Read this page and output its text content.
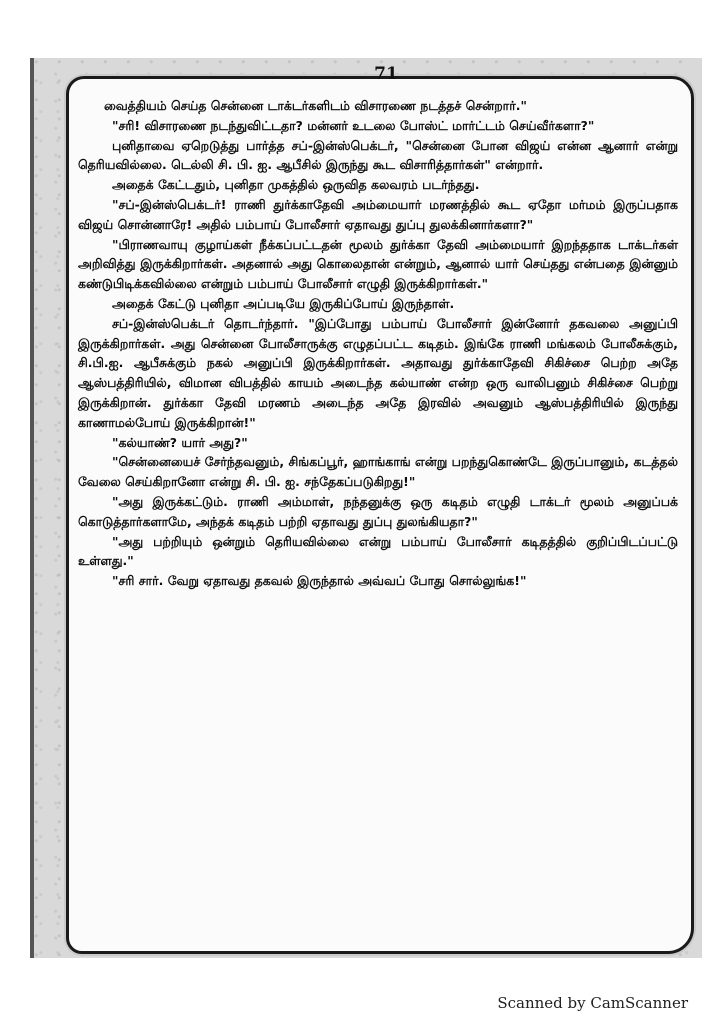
71

வைத்தியம் செய்த சென்னை டாக்டர்களிடம் விசாரணை நடத்தச் சென்றார்."

"சரி! விசாரணை நடந்துவிட்டதா? மன்னர் உடலை போஸ்ட் மார்ட்டம் செய்வீர்களா?"

புனிதாவை ஏறெடுத்து பார்த்த சப்-இன்ஸ்பெக்டர், "சென்னை போன விஜய் என்ன ஆனார் என்று தெரியவில்லை. டெல்லி சி. பி. ஐ. ஆபீசில் இருந்து கூட விசாரித்தார்கள்" என்றார்.

அதைக் கேட்டதும், புனிதா முகத்தில் ஒருவித கலவரம் படர்ந்தது.

"சப்-இன்ஸ்பெக்டர்! ராணி துர்க்காதேவி அம்மையார் மரணத்தில் கூட ஏதோ மர்மம் இருப்பதாக விஜய் சொன்னாரே! அதில் பம்பாய் போலீசார் ஏதாவது துப்பு துலக்கினார்களா?"

"பிராணவாயு குழாய்கள் நீக்கப்பட்டதன் மூலம் துர்க்கா தேவி அம்மையார் இறந்ததாக டாக்டர்கள் அறிவித்து இருக்கிறார்கள். அதனால் அது கொலைதான் என்றும், ஆனால் யார் செய்தது என்பதை இன்னும் கண்டுபிடிக்கவில்லை என்றும் பம்பாய் போலீசார் எழுதி இருக்கிறார்கள்."

அதைக் கேட்டு புனிதா அப்படியே இருகிப்போய் இருந்தாள்.

சப்-இன்ஸ்பெக்டர் தொடர்ந்தார். "இப்போது பம்பாய் போலீசார் இன்னோர் தகவலை அனுப்பி இருக்கிறார்கள். அது சென்னை போலீசாருக்கு எழுதப்பட்ட கடிதம். இங்கே ராணி மங்கலம் போலீசுக்கும், சி.பி.ஐ. ஆபீசுக்கும் நகல் அனுப்பி இருக்கிறார்கள். அதாவது துர்க்காதேவி சிகிச்சை பெற்ற அதே ஆஸ்பத்திரியில், விமான விபத்தில் காயம் அடைந்த கல்யாண் என்ற ஒரு வாலிபனும் சிகிச்சை பெற்று இருக்கிறான். துர்க்கா தேவி மரணம் அடைந்த அதே இரவில் அவனும் ஆஸ்பத்திரியில் இருந்து காணாமல்போய் இருக்கிறான்!"

"கல்யாண்? யார் அது?"

"சென்னையைச் சேர்ந்தவனும், சிங்கப்பூர், ஹாங்காங் என்று பறந்துகொண்டே இருப்பானும், கடத்தல் வேலை செய்கிறானோ என்று சி. பி. ஐ. சந்தேகப்படுகிறது!"

"அது இருக்கட்டும். ராணி அம்மாள், நந்தனுக்கு ஒரு கடிதம் எழுதி டாக்டர் மூலம் அனுப்பக் கொடுத்தார்களாமே, அந்தக் கடிதம் பற்றி ஏதாவது துப்பு துலங்கியதா?"

"அது பற்றியும் ஒன்றும் தெரியவில்லை என்று பம்பாய் போலீசார் கடிதத்தில் குறிப்பிடப்பட்டு உள்ளது."

"சரி சார். வேறு ஏதாவது தகவல் இருந்தால் அவ்வப் போது சொல்லுங்க!"

Scanned by CamScanner
